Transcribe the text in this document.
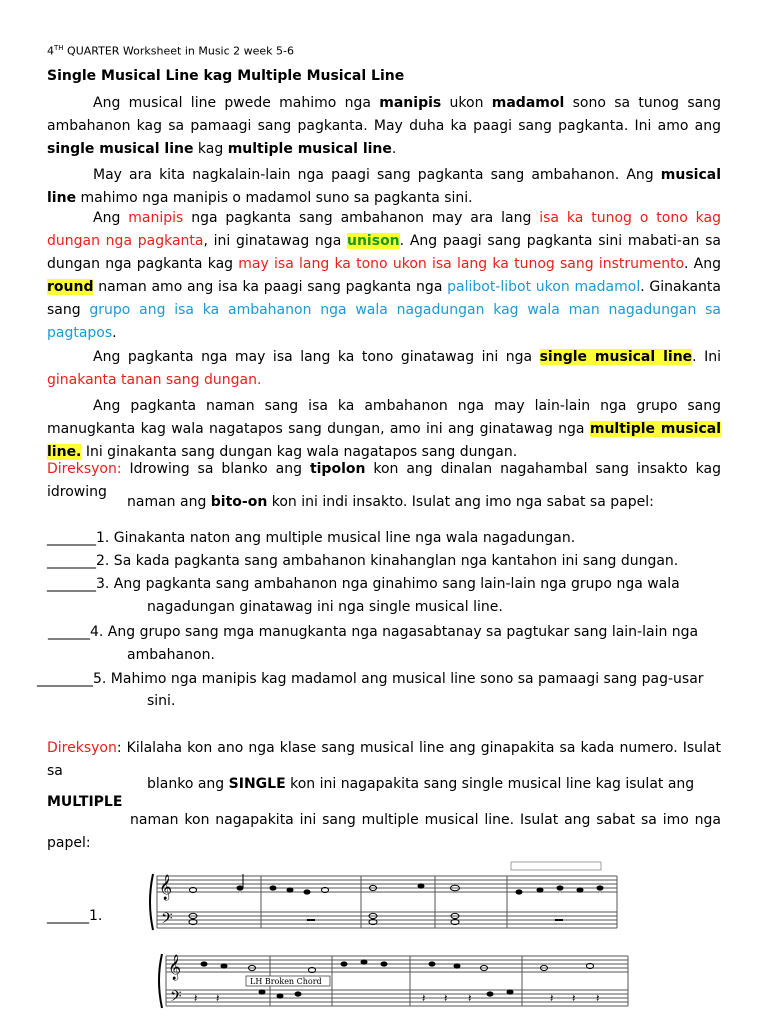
4TH QUARTER Worksheet in Music 2 week 5-6
Single Musical Line kag Multiple Musical Line
Ang musical line pwede mahimo nga manipis ukon madamol sono sa tunog sang ambahanon kag sa pamaagi sang pagkanta. May duha ka paagi sang pagkanta. Ini amo ang single musical line kag multiple musical line.
May ara kita nagkalain-lain nga paagi sang pagkanta sang ambahanon. Ang musical line mahimo nga manipis o madamol suno sa pagkanta sini.
Ang manipis nga pagkanta sang ambahanon may ara lang isa ka tunog o tono kag dungan nga pagkanta, ini ginatawag nga unison. Ang paagi sang pagkanta sini mabati-an sa dungan nga pagkanta kag may isa lang ka tono ukon isa lang ka tunog sang instrumento. Ang round naman amo ang isa ka paagi sang pagkanta nga palibot-libot ukon madamol. Ginakanta sang grupo ang isa ka ambahanon nga wala nagadungan kag wala man nagadungan sa pagtapos.
Ang pagkanta nga may isa lang ka tono ginatawag ini nga single musical line. Ini ginakanta tanan sang dungan.
Ang pagkanta naman sang isa ka ambahanon nga may lain-lain nga grupo sang manugkanta kag wala nagatapos sang dungan, amo ini ang ginatawag nga multiple musical line. Ini ginakanta sang dungan kag wala nagatapos sang dungan.
Direksyon: Idrowing sa blanko ang tipolon kon ang dinalan nagahambal sang insakto kag idrowing
naman ang bito-on kon ini indi insakto. Isulat ang imo nga sabat sa papel:
_______1. Ginakanta naton ang multiple musical line nga wala nagadungan.
_______2. Sa kada pagkanta sang ambahanon kinahanglan nga kantahon ini sang dungan.
_______3. Ang pagkanta sang ambahanon nga ginahimo sang lain-lain nga grupo nga wala
nagadungan ginatawag ini nga single musical line.
______4. Ang grupo sang mga manugkanta nga nagasabtanay sa pagtukar sang lain-lain nga
ambahanon.
________5. Mahimo nga manipis kag madamol ang musical line sono sa pamaagi sang pag-usar
sini.
Direksyon: Kilalaha kon ano nga klase sang musical line ang ginapakita sa kada numero. Isulat sa
blanko ang SINGLE kon ini nagapakita sang single musical line kag isulat ang
MULTIPLE
naman kon nagapakita ini sang multiple musical line. Isulat ang sabat sa imo nga papel:
______1.
𝄞
𝄢
𝄞
𝄢 𝄽 𝄽	𝄽 𝄽 𝄽	𝄽 𝄽 𝄽
LH Broken Chord
